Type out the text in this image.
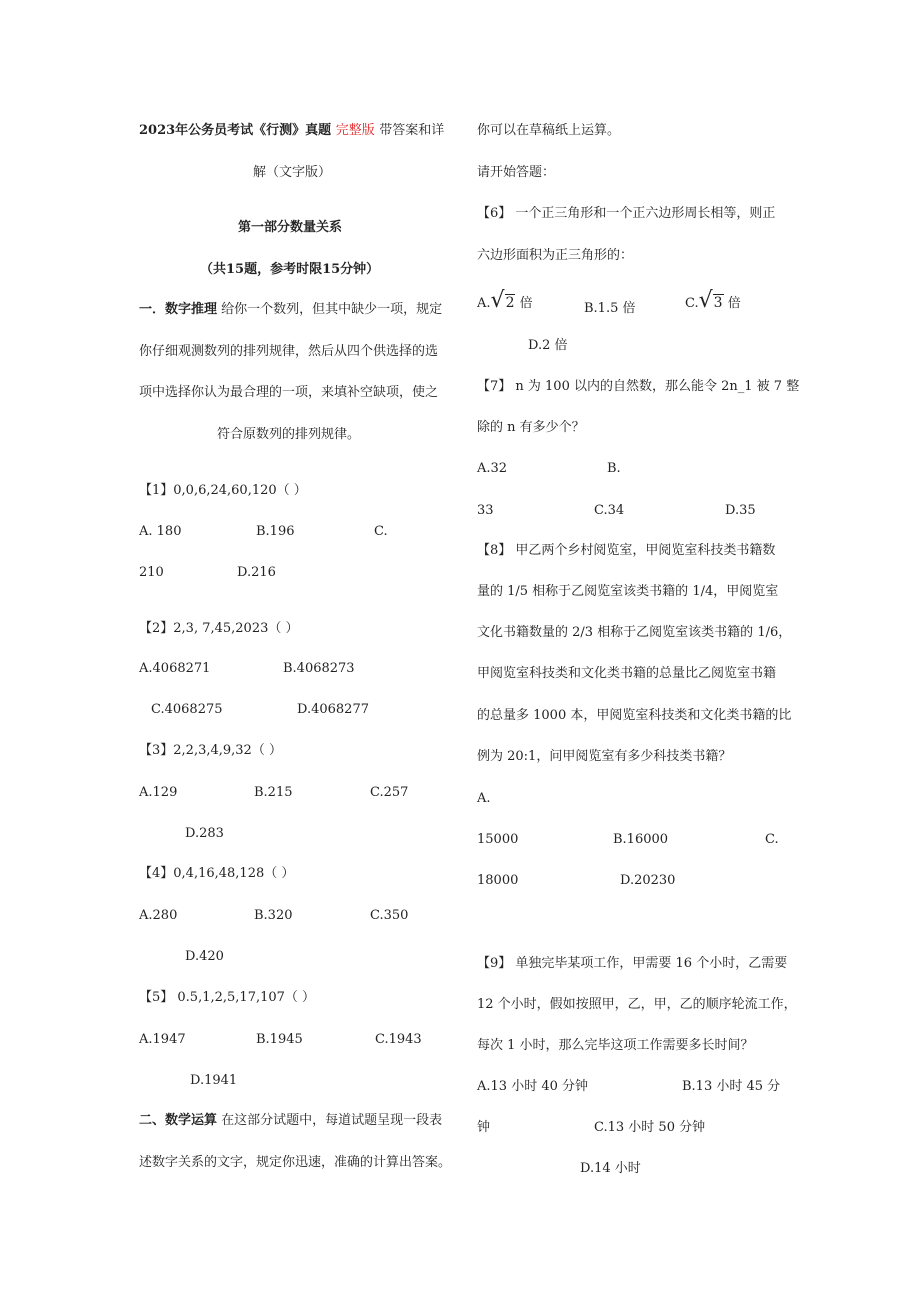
2023年公务员考试《行测》真题 完整版 带答案和详
解（文字版）
第一部分数量关系
（共15题，参考时限15分钟）
一．数字推理 给你一个数列，但其中缺少一项，规定
你仔细观测数列的排列规律，然后从四个供选择的选
项中选择你认为最合理的一项，来填补空缺项，使之
符合原数列的排列规律。
【1】0,0,6,24,60,120（ ）
A. 180	B.196	C.
210	D.216
【2】2,3, 7,45,2023（ ）
A.4068271	B.4068273
C.4068275	D.4068277
【3】2,2,3,4,9,32（ ）
A.129	B.215	C.257
D.283
【4】0,4,16,48,128（ ）
A.280	B.320	C.350
D.420
【5】 0.5,1,2,5,17,107（ ）
A.1947	B.1945	C.1943
D.1941
二、数学运算 在这部分试题中，每道试题呈现一段表
述数字关系的文字，规定你迅速，准确的计算出答案。
你可以在草稿纸上运算。
请开始答题：
【6】 一个正三角形和一个正六边形周长相等，则正
六边形面积为正三角形的：
A.√2 倍	B.1.5 倍	C.√3 倍
D.2 倍
【7】 n 为 100 以内的自然数，那么能令 2n_1 被 7 整
除的 n 有多少个？
A.32	B.
33	C.34	D.35
【8】 甲乙两个乡村阅览室，甲阅览室科技类书籍数
量的 1/5 相称于乙阅览室该类书籍的 1/4，甲阅览室
文化书籍数量的 2/3 相称于乙阅览室该类书籍的 1/6，
甲阅览室科技类和文化类书籍的总量比乙阅览室书籍
的总量多 1000 本，甲阅览室科技类和文化类书籍的比
例为 20:1，问甲阅览室有多少科技类书籍？
A.
15000	B.16000	C.
18000	D.20230
【9】 单独完毕某项工作，甲需要 16 个小时，乙需要
12 个小时，假如按照甲，乙，甲，乙的顺序轮流工作，
每次 1 小时，那么完毕这项工作需要多长时间？
A.13 小时 40 分钟	B.13 小时 45 分
钟	C.13 小时 50 分钟
D.14 小时
